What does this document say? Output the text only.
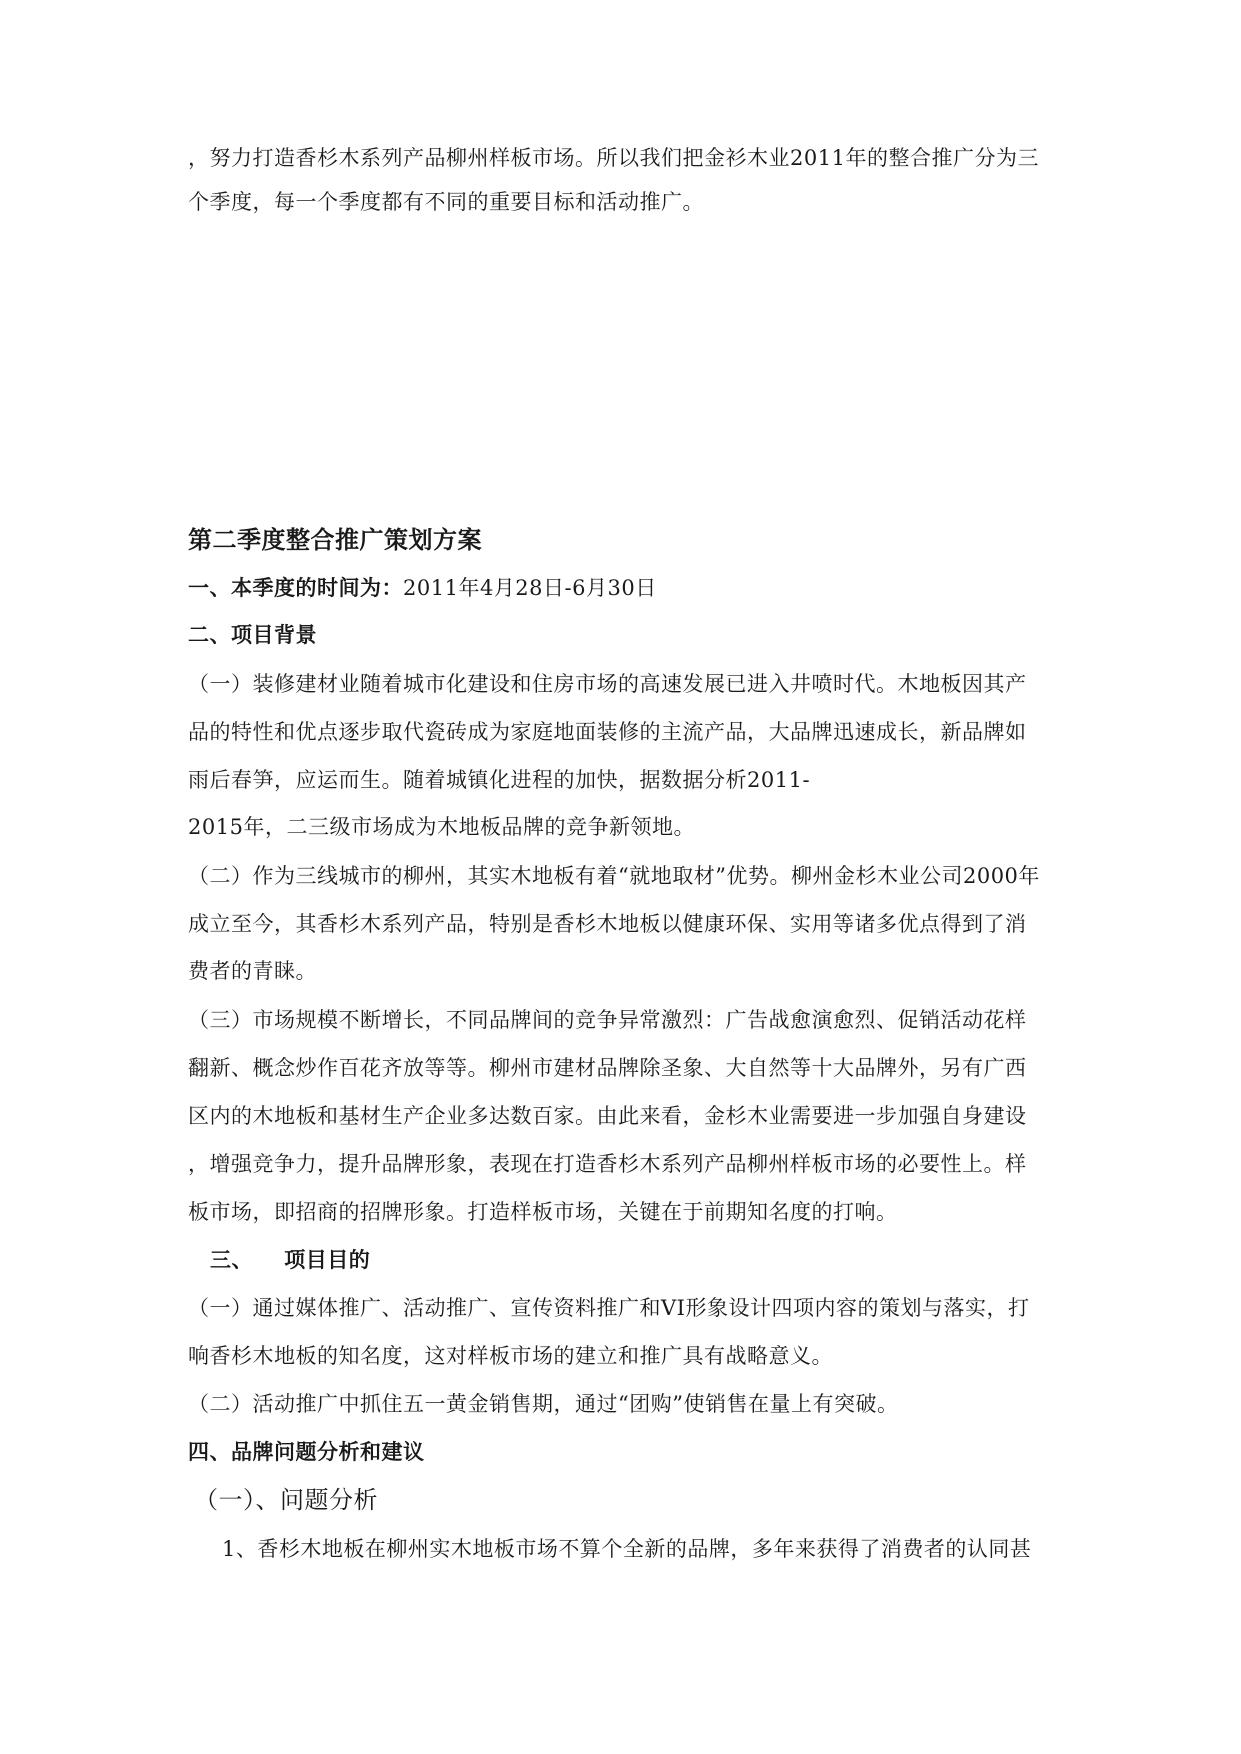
，努力打造香杉木系列产品柳州样板市场。所以我们把金衫木业2011年的整合推广分为三
个季度，每一个季度都有不同的重要目标和活动推广。
第二季度整合推广策划方案
一、本季度的时间为：2011年4月28日-6月30日
二、项目背景
（一）装修建材业随着城市化建设和住房市场的高速发展已进入井喷时代。木地板因其产
品的特性和优点逐步取代瓷砖成为家庭地面装修的主流产品，大品牌迅速成长，新品牌如
雨后春笋，应运而生。随着城镇化进程的加快，据数据分析2011-
2015年，二三级市场成为木地板品牌的竞争新领地。
（二）作为三线城市的柳州，其实木地板有着“就地取材”优势。柳州金杉木业公司2000年
成立至今，其香杉木系列产品，特别是香杉木地板以健康环保、实用等诸多优点得到了消
费者的青睐。
（三）市场规模不断增长，不同品牌间的竞争异常激烈：广告战愈演愈烈、促销活动花样
翻新、概念炒作百花齐放等等。柳州市建材品牌除圣象、大自然等十大品牌外，另有广西
区内的木地板和基材生产企业多达数百家。由此来看，金杉木业需要进一步加强自身建设
，增强竞争力，提升品牌形象，表现在打造香杉木系列产品柳州样板市场的必要性上。样
板市场，即招商的招牌形象。打造样板市场，关键在于前期知名度的打响。
三、    项目目的
（一）通过媒体推广、活动推广、宣传资料推广和VI形象设计四项内容的策划与落实，打
响香杉木地板的知名度，这对样板市场的建立和推广具有战略意义。
（二）活动推广中抓住五一黄金销售期，通过“团购”使销售在量上有突破。
四、品牌问题分析和建议
（一）、问题分析
1、香杉木地板在柳州实木地板市场不算个全新的品牌，多年来获得了消费者的认同甚
